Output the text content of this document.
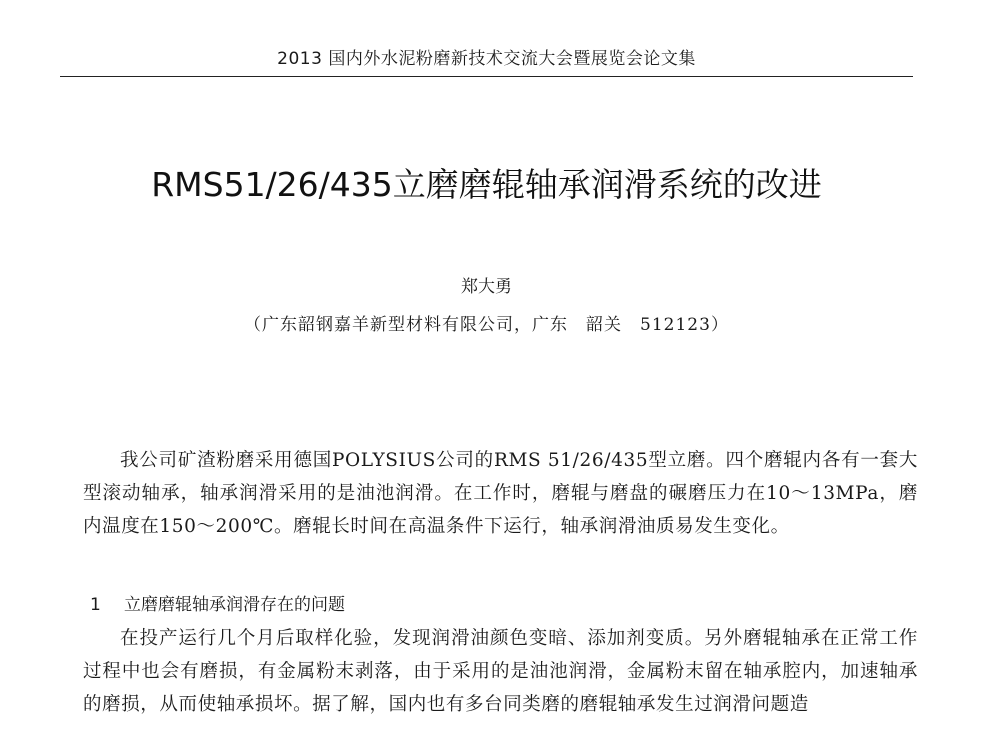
2013 国内外水泥粉磨新技术交流大会暨展览会论文集
RMS51/26/435立磨磨辊轴承润滑系统的改进
郑大勇
（广东韶钢嘉羊新型材料有限公司，广东　韶关　512123）

我公司矿渣粉磨采用德国POLYSIUS公司的RMS 51/26/435型立磨。四个磨辊内各有一套大型滚动轴承，轴承润滑采用的是油池润滑。在工作时，磨辊与磨盘的碾磨压力在10～13MPa，磨内温度在150～200℃。磨辊长时间在高温条件下运行，轴承润滑油质易发生变化。

1 立磨磨辊轴承润滑存在的问题

在投产运行几个月后取样化验，发现润滑油颜色变暗、添加剂变质。另外磨辊轴承在正常工作过程中也会有磨损，有金属粉末剥落，由于采用的是油池润滑，金属粉末留在轴承腔内，加速轴承的磨损，从而使轴承损坏。据了解，国内也有多台同类磨的磨辊轴承发生过润滑问题造
